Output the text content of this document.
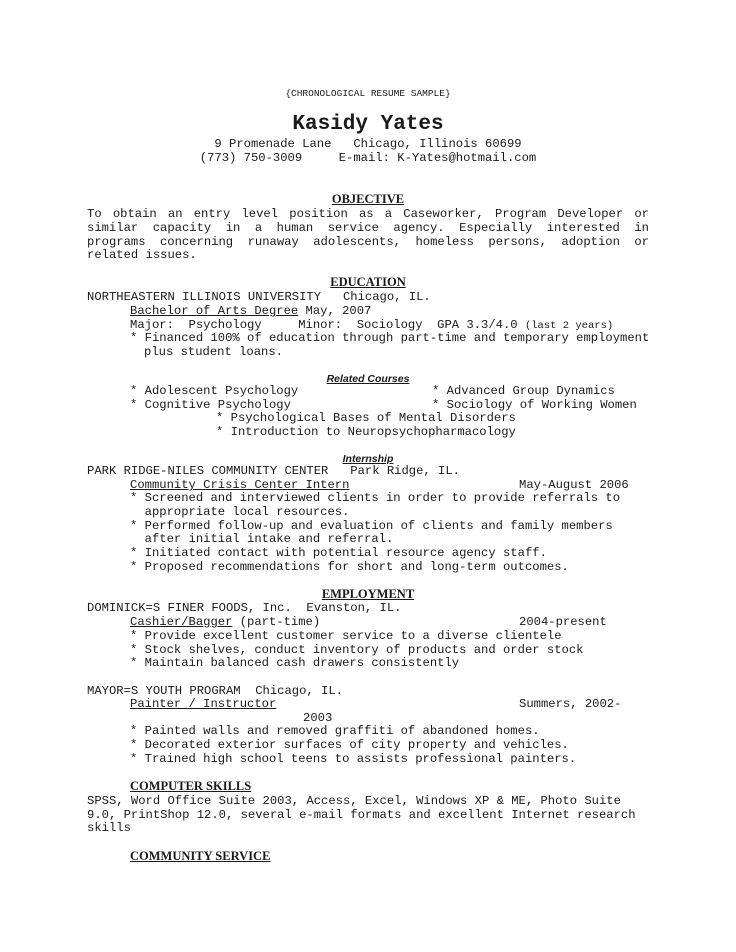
{CHRONOLOGICAL RESUME SAMPLE}
Kasidy Yates
9 Promenade Lane   Chicago, Illinois 60699
(773) 750-3009     E-mail: K-Yates@hotmail.com
OBJECTIVE
To obtain an entry level position as a Caseworker, Program Developer or
similar capacity in a human service agency. Especially interested in
programs concerning runaway adolescents, homeless persons, adoption or
related issues.
EDUCATION
NORTHEASTERN ILLINOIS UNIVERSITY   Chicago, IL.
Bachelor of Arts Degree May, 2007
Major:  Psychology     Minor:  Sociology  GPA 3.3/4.0 (last 2 years)
* Financed 100% of education through part-time and temporary employment
plus student loans.
Related Courses
* Adolescent Psychology	* Advanced Group Dynamics
* Cognitive Psychology	* Sociology of Working Women
* Psychological Bases of Mental Disorders
* Introduction to Neuropsychopharmacology
Internship
PARK RIDGE-NILES COMMUNITY CENTER   Park Ridge, IL.
Community Crisis Center Intern	May-August 2006
* Screened and interviewed clients in order to provide referrals to
appropriate local resources.
* Performed follow-up and evaluation of clients and family members
after initial intake and referral.
* Initiated contact with potential resource agency staff.
* Proposed recommendations for short and long-term outcomes.
EMPLOYMENT
DOMINICK=S FINER FOODS, Inc.  Evanston, IL.
Cashier/Bagger (part-time)	2004-present
* Provide excellent customer service to a diverse clientele
* Stock shelves, conduct inventory of products and order stock
* Maintain balanced cash drawers consistently
MAYOR=S YOUTH PROGRAM  Chicago, IL.
Painter / Instructor	Summers, 2002-
2003
* Painted walls and removed graffiti of abandoned homes.
* Decorated exterior surfaces of city property and vehicles.
* Trained high school teens to assists professional painters.
COMPUTER SKILLS
SPSS, Word Office Suite 2003, Access, Excel, Windows XP & ME, Photo Suite
9.0, PrintShop 12.0, several e-mail formats and excellent Internet research
skills
COMMUNITY SERVICE
